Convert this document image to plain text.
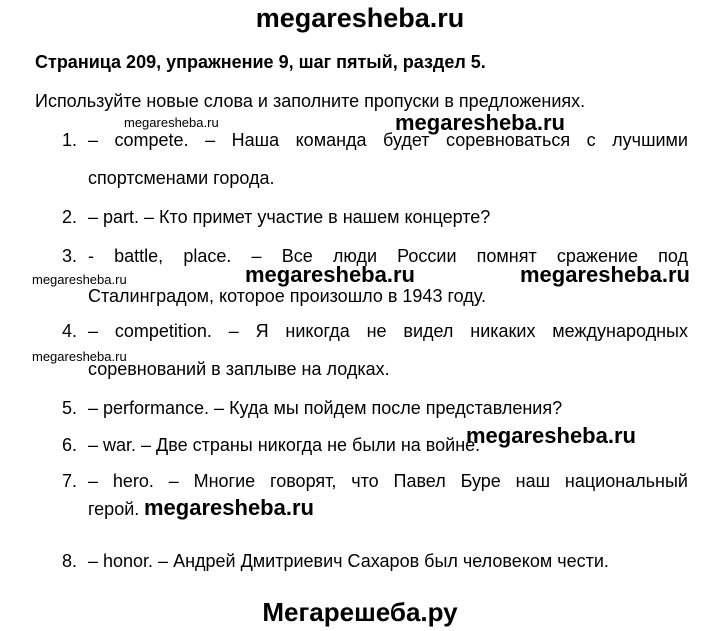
megaresheba.ru
Страница 209, упражнение 9, шаг пятый, раздел 5.
Используйте новые слова и заполните пропуски в предложениях.
1. – compete. – Наша команда будет соревноваться с лучшими
спортсменами города.
2. – part. – Кто примет участие в нашем концерте?
3. - battle, place. – Все люди России помнят сражение под
Сталинградом, которое произошло в 1943 году.
4. – competition. – Я никогда не видел никаких международных
соревнований в заплыве на лодках.
5. – performance. – Куда мы пойдем после представления?
6. – war. – Две страны никогда не были на войне.
7. – hero. – Многие говорят, что Павел Буре наш национальный
герой.
8. – honor. – Андрей Дмитриевич Сахаров был человеком чести.
megaresheba.ru	megaresheba.ru
megaresheba.ru	megaresheba.ru	megaresheba.ru
megaresheba.ru
megaresheba.ru
megaresheba.ru
Мегарешеба.ру
